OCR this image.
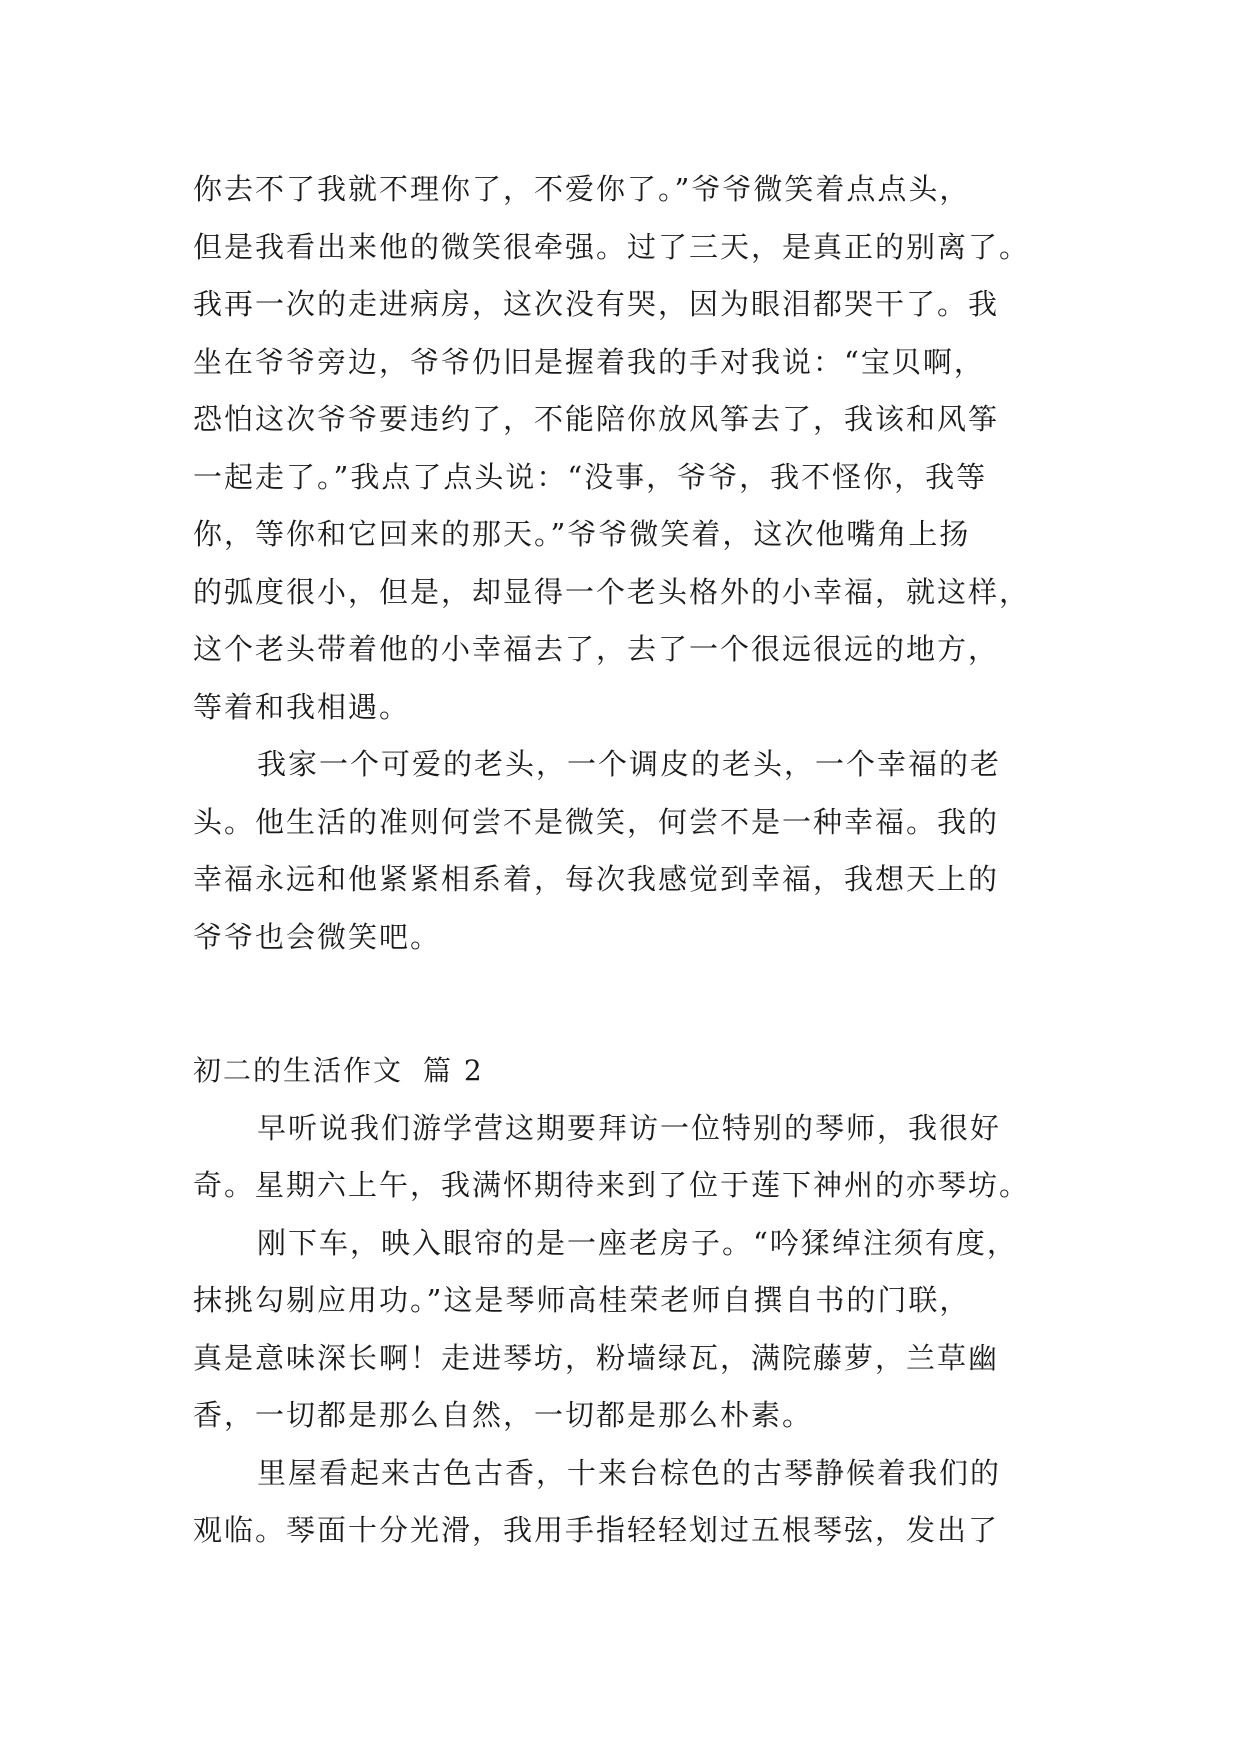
你去不了我就不理你了，不爱你了。”爷爷微笑着点点头，
但是我看出来他的微笑很牵强。过了三天，是真正的别离了。
我再一次的走进病房，这次没有哭，因为眼泪都哭干了。我
坐在爷爷旁边，爷爷仍旧是握着我的手对我说：“宝贝啊，
恐怕这次爷爷要违约了，不能陪你放风筝去了，我该和风筝
一起走了。”我点了点头说：“没事，爷爷，我不怪你，我等
你，等你和它回来的那天。”爷爷微笑着，这次他嘴角上扬
的弧度很小，但是，却显得一个老头格外的小幸福，就这样，
这个老头带着他的小幸福去了，去了一个很远很远的地方，
等着和我相遇。
我家一个可爱的老头，一个调皮的老头，一个幸福的老
头。他生活的准则何尝不是微笑，何尝不是一种幸福。我的
幸福永远和他紧紧相系着，每次我感觉到幸福，我想天上的
爷爷也会微笑吧。
初二的生活作文 篇 2
早听说我们游学营这期要拜访一位特别的琴师，我很好
奇。星期六上午，我满怀期待来到了位于莲下神州的亦琴坊。
刚下车，映入眼帘的是一座老房子。“吟猱绰注须有度，
抹挑勾剔应用功。”这是琴师高桂荣老师自撰自书的门联，
真是意味深长啊！走进琴坊，粉墙绿瓦，满院藤萝，兰草幽
香，一切都是那么自然，一切都是那么朴素。
里屋看起来古色古香，十来台棕色的古琴静候着我们的
观临。琴面十分光滑，我用手指轻轻划过五根琴弦，发出了
